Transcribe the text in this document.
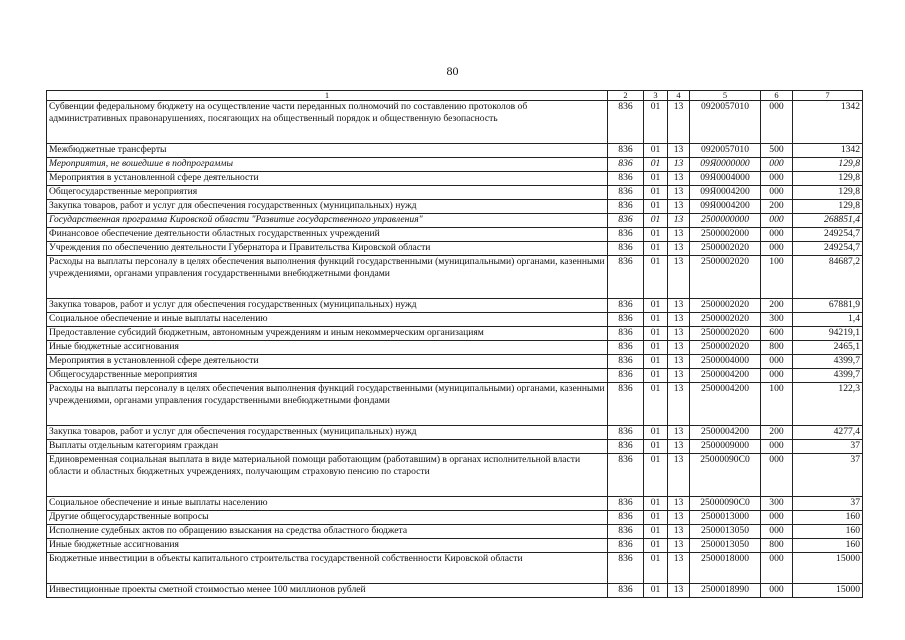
80
1	2	3	4	5	6	7
Субвенции федеральному бюджету на осуществление части переданных полномочий по составлению протоколов об административных правонарушениях, посягающих на общественный порядок и общественную безопасность	836	01	13	0920057010	000	1342
Межбюджетные трансферты	836	01	13	0920057010	500	1342
Мероприятия, не вошедшие в подпрограммы	836	01	13	09Я0000000	000	129,8
Мероприятия в установленной сфере деятельности	836	01	13	09Я0004000	000	129,8
Общегосударственные мероприятия	836	01	13	09Я0004200	000	129,8
Закупка товаров, работ и услуг для обеспечения государственных (муниципальных) нужд	836	01	13	09Я0004200	200	129,8
Государственная программа Кировской области "Развитие государственного управления"	836	01	13	2500000000	000	268851,4
Финансовое обеспечение деятельности областных государственных учреждений	836	01	13	2500002000	000	249254,7
Учреждения по обеспечению деятельности Губернатора и Правительства Кировской области	836	01	13	2500002020	000	249254,7
Расходы на выплаты персоналу в целях обеспечения выполнения функций государственными (муниципальными) органами, казенными учреждениями, органами управления государственными внебюджетными фондами	836	01	13	2500002020	100	84687,2
Закупка товаров, работ и услуг для обеспечения государственных (муниципальных) нужд	836	01	13	2500002020	200	67881,9
Социальное обеспечение и иные выплаты населению	836	01	13	2500002020	300	1,4
Предоставление субсидий бюджетным, автономным учреждениям и иным некоммерческим организациям	836	01	13	2500002020	600	94219,1
Иные бюджетные ассигнования	836	01	13	2500002020	800	2465,1
Мероприятия в установленной сфере деятельности	836	01	13	2500004000	000	4399,7
Общегосударственные мероприятия	836	01	13	2500004200	000	4399,7
Расходы на выплаты персоналу в целях обеспечения выполнения функций государственными (муниципальными) органами, казенными учреждениями, органами управления государственными внебюджетными фондами	836	01	13	2500004200	100	122,3
Закупка товаров, работ и услуг для обеспечения государственных (муниципальных) нужд	836	01	13	2500004200	200	4277,4
Выплаты отдельным категориям граждан	836	01	13	2500009000	000	37
Единовременная социальная выплата в виде материальной помощи работающим (работавшим) в органах исполнительной власти области и областных бюджетных учреждениях, получающим страховую пенсию по старости	836	01	13	25000090С0	000	37
Социальное обеспечение и иные выплаты населению	836	01	13	25000090С0	300	37
Другие общегосударственные вопросы	836	01	13	2500013000	000	160
Исполнение судебных актов по обращению взыскания на средства областного бюджета	836	01	13	2500013050	000	160
Иные бюджетные ассигнования	836	01	13	2500013050	800	160
Бюджетные инвестиции в объекты капитального строительства государственной собственности Кировской области	836	01	13	2500018000	000	15000
Инвестиционные проекты сметной стоимостью менее 100 миллионов рублей	836	01	13	2500018990	000	15000
